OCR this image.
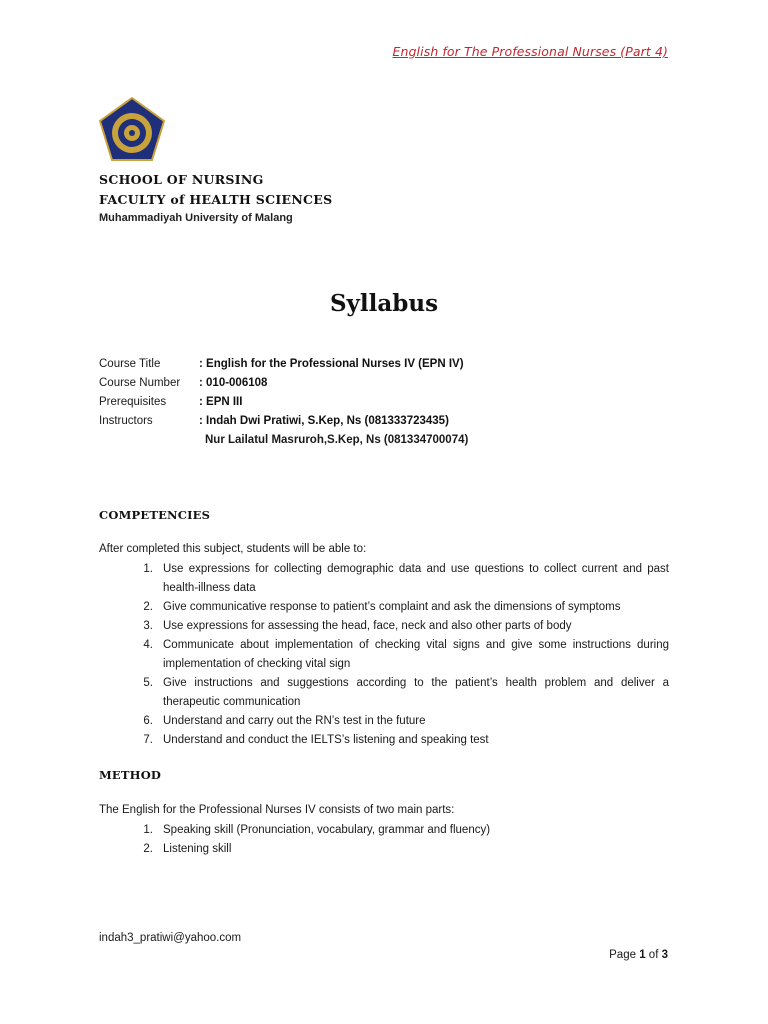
English for The Professional Nurses (Part 4)
SCHOOL OF NURSING
FACULTY of HEALTH SCIENCES
Muhammadiyah University of Malang
Syllabus
Course Title	: English for the Professional Nurses IV (EPN IV)
Course Number	: 010-006108
Prerequisites	: EPN III
Instructors	: Indah Dwi Pratiwi, S.Kep, Ns (081333723435)
Nur Lailatul Masruroh,S.Kep, Ns (081334700074)
COMPETENCIES
After completed this subject, students will be able to:
1. Use expressions for collecting demographic data and use questions to collect current and past health-illness data
2. Give communicative response to patient’s complaint and ask the dimensions of symptoms
3. Use expressions for assessing the head, face, neck and also other parts of body
4. Communicate about implementation of checking vital signs and give some instructions during implementation of checking vital sign
5. Give instructions and suggestions according to the patient’s health problem and deliver a therapeutic communication
6. Understand and carry out the RN’s test in the future
7. Understand and conduct the IELTS’s listening and speaking test
METHOD
The English for the Professional Nurses IV consists of two main parts:
1. Speaking skill (Pronunciation, vocabulary, grammar and fluency)
2. Listening skill
indah3_pratiwi@yahoo.com
Page 1 of 3
